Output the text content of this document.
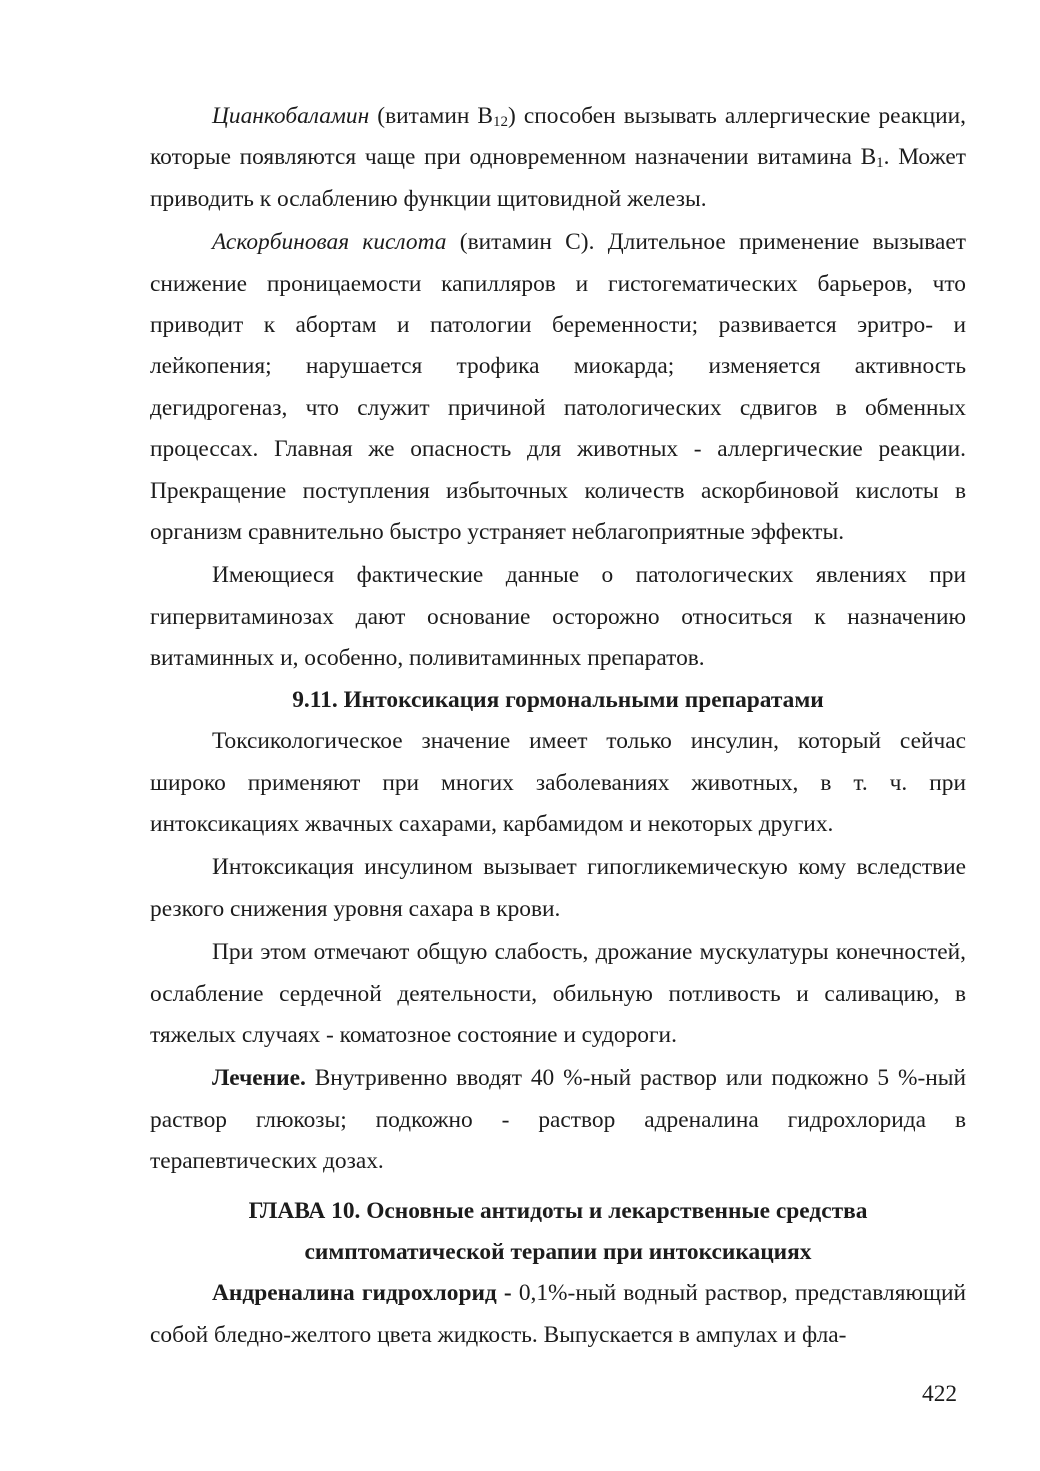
Цианкобаламин (витамин $В_{12}$) способен вызывать аллергические реакции, которые появляются чаще при одновременном назначении витамина $В_1$. Может приводить к ослаблению функции щитовидной железы.

Аскорбиновая кислота (витамин С). Длительное применение вызывает снижение проницаемости капилляров и гистогематических барьеров, что приводит к абортам и патологии беременности; развивается эритро- и лейкопения; нарушается трофика миокарда; изменяется активность дегидрогеназ, что служит причиной патологических сдвигов в обменных процессах. Главная же опасность для животных - аллергические реакции. Прекращение поступления избыточных количеств аскорбиновой кислоты в организм сравнительно быстро устраняет неблагоприятные эффекты.

Имеющиеся фактические данные о патологических явлениях при гипервитаминозах дают основание осторожно относиться к назначению витаминных и, особенно, поливитаминных препаратов.

9.11. Интоксикация гормональными препаратами

Токсикологическое значение имеет только инсулин, который сейчас широко применяют при многих заболеваниях животных, в т. ч. при интоксикациях жвачных сахарами, карбамидом и некоторых других.

Интоксикация инсулином вызывает гипогликемическую кому вследствие резкого снижения уровня сахара в крови.

При этом отмечают общую слабость, дрожание мускулатуры конечностей, ослабление сердечной деятельности, обильную потливость и саливацию, в тяжелых случаях - коматозное состояние и судороги.

Лечение. Внутривенно вводят 40 %-ный раствор или подкожно 5 %-ный раствор глюкозы; подкожно - раствор адреналина гидрохлорида в терапевтических дозах.

ГЛАВА 10. Основные антидоты и лекарственные средства
симптоматической терапии при интоксикациях

Андреналина гидрохлорид - 0,1%-ный водный раствор, представляющий собой бледно-желтого цвета жидкость. Выпускается в ампулах и фла-

422
